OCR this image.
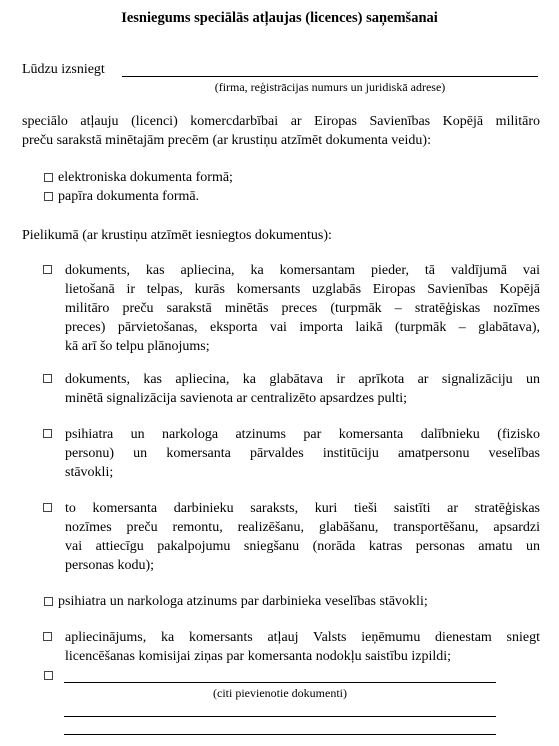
Iesniegums speciālās atļaujas (licences) saņemšanai
Lūdzu izsniegt
(firma, reģistrācijas numurs un juridiskā adrese)
speciālo atļauju (licenci) komercdarbībai ar Eiropas Savienības Kopējā militāro
preču sarakstā minētajām precēm (ar krustiņu atzīmēt dokumenta veidu):
elektroniska dokumenta formā;
papīra dokumenta formā.
Pielikumā (ar krustiņu atzīmēt iesniegtos dokumentus):
dokuments, kas apliecina, ka komersantam pieder, tā valdījumā vai
lietošanā ir telpas, kurās komersants uzglabās Eiropas Savienības Kopējā
militāro preču sarakstā minētās preces (turpmāk – stratēģiskas nozīmes
preces) pārvietošanas, eksporta vai importa laikā (turpmāk – glabātava),
kā arī šo telpu plānojums;
dokuments, kas apliecina, ka glabātava ir aprīkota ar signalizāciju un
minētā signalizācija savienota ar centralizēto apsardzes pulti;
psihiatra un narkologa atzinums par komersanta dalībnieku (fizisko
personu) un komersanta pārvaldes institūciju amatpersonu veselības
stāvokli;
to komersanta darbinieku saraksts, kuri tieši saistīti ar stratēģiskas
nozīmes preču remontu, realizēšanu, glabāšanu, transportēšanu, apsardzi
vai attiecīgu pakalpojumu sniegšanu (norāda katras personas amatu un
personas kodu);
psihiatra un narkologa atzinums par darbinieka veselības stāvokli;
apliecinājums, ka komersants atļauj Valsts ieņēmumu dienestam sniegt
licencēšanas komisijai ziņas par komersanta nodokļu saistību izpildi;
(citi pievienotie dokumenti)
